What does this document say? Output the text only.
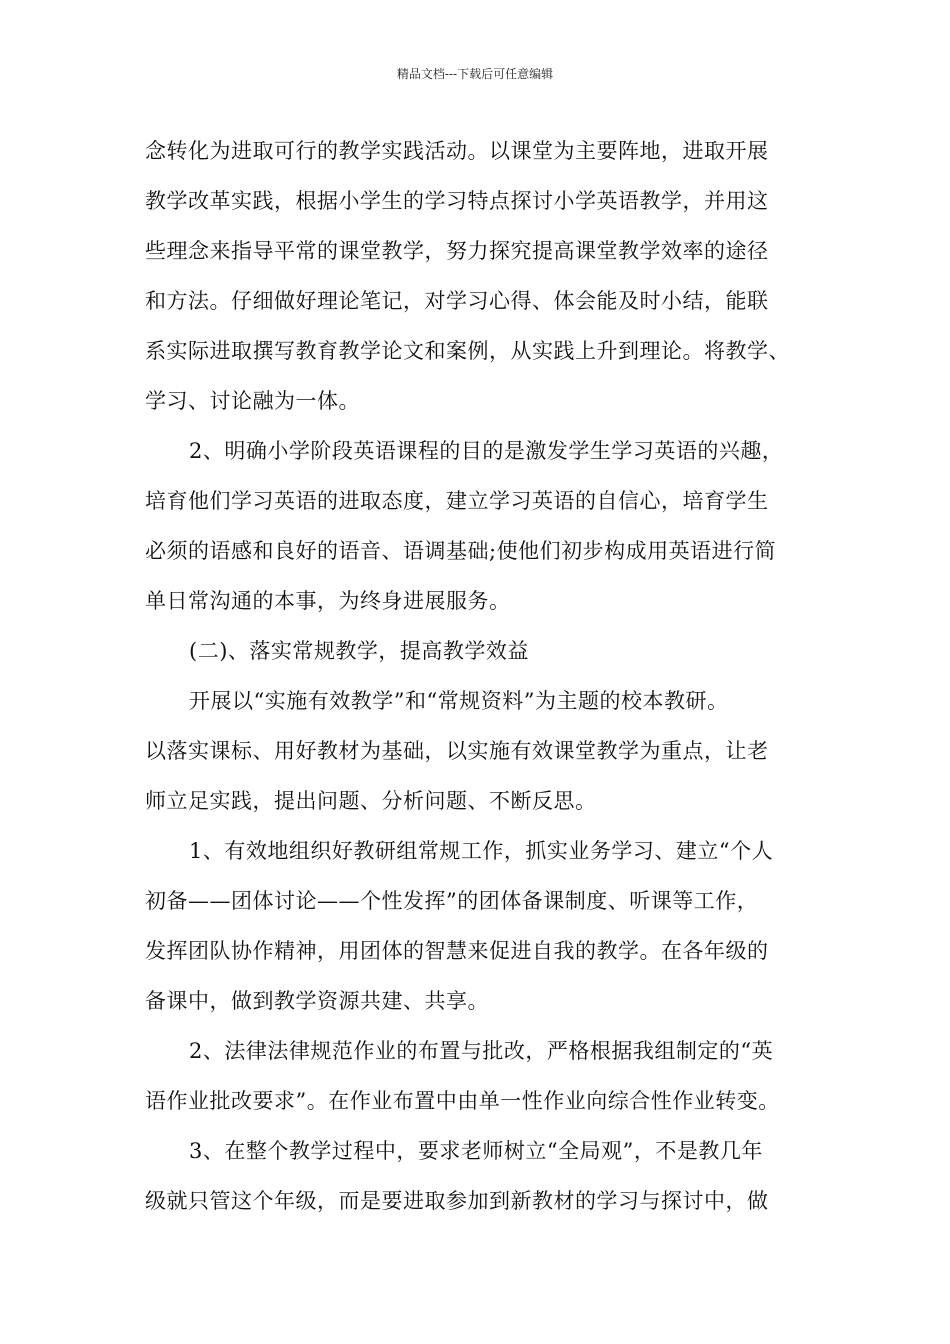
精品文档---下载后可任意编辑
念转化为进取可行的教学实践活动。以课堂为主要阵地，进取开展
教学改革实践，根据小学生的学习特点探讨小学英语教学，并用这
些理念来指导平常的课堂教学，努力探究提高课堂教学效率的途径
和方法。仔细做好理论笔记，对学习心得、体会能及时小结，能联
系实际进取撰写教育教学论文和案例，从实践上升到理论。将教学、
学习、讨论融为一体。
2、明确小学阶段英语课程的目的是激发学生学习英语的兴趣，
培育他们学习英语的进取态度，建立学习英语的自信心，培育学生
必须的语感和良好的语音、语调基础;使他们初步构成用英语进行简
单日常沟通的本事，为终身进展服务。
(二)、落实常规教学，提高教学效益
开展以“实施有效教学”和“常规资料”为主题的校本教研。
以落实课标、用好教材为基础，以实施有效课堂教学为重点，让老
师立足实践，提出问题、分析问题、不断反思。
1、有效地组织好教研组常规工作，抓实业务学习、建立“个人
初备——团体讨论——个性发挥”的团体备课制度、听课等工作，
发挥团队协作精神，用团体的智慧来促进自我的教学。在各年级的
备课中，做到教学资源共建、共享。
2、法律法律规范作业的布置与批改，严格根据我组制定的“英
语作业批改要求”。在作业布置中由单一性作业向综合性作业转变。
3、在整个教学过程中，要求老师树立“全局观”，不是教几年
级就只管这个年级，而是要进取参加到新教材的学习与探讨中，做
